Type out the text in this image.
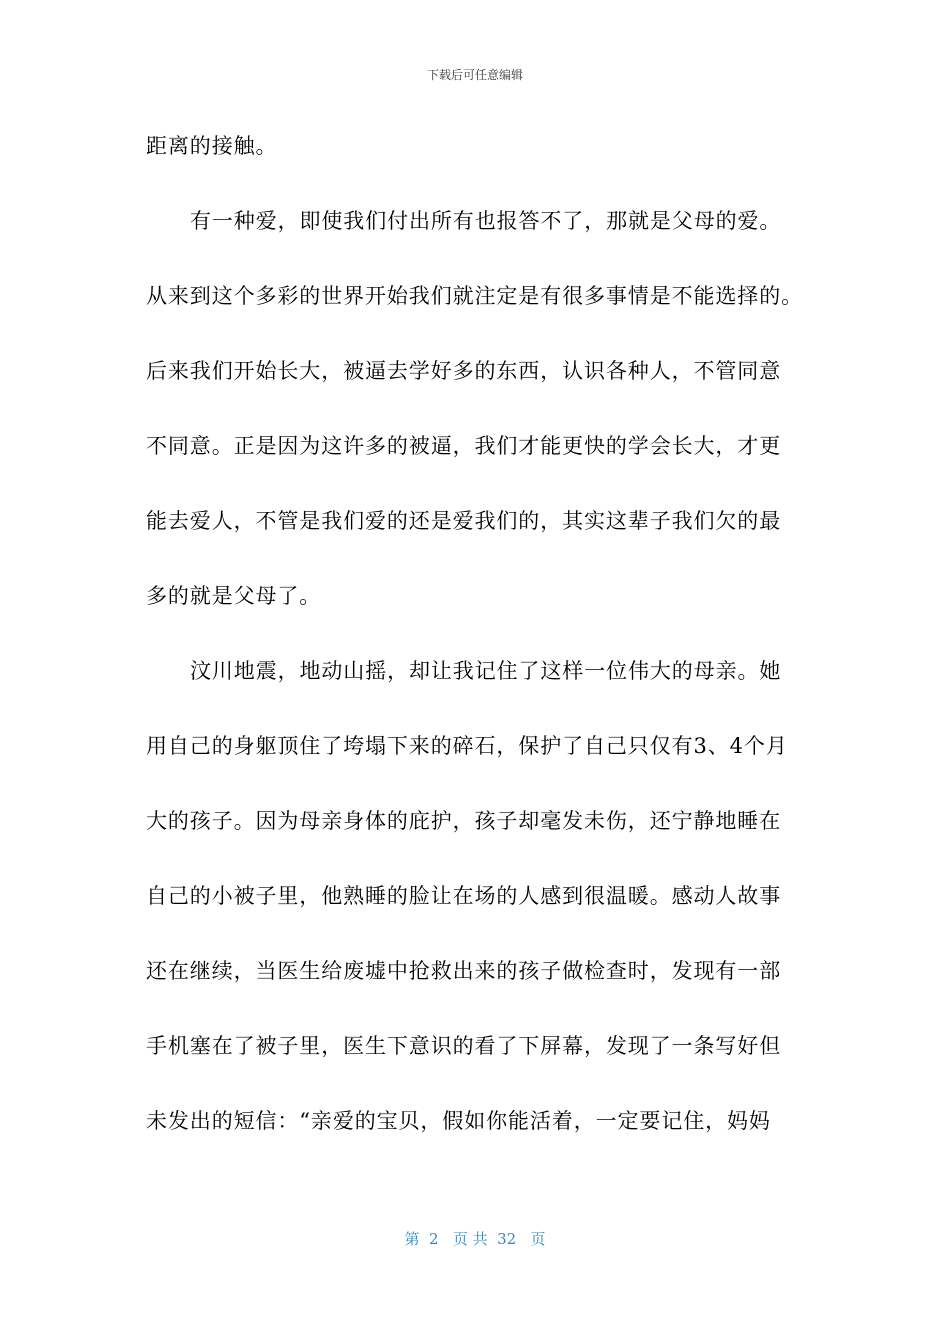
下载后可任意编辑
距离的接触。
有一种爱，即使我们付出所有也报答不了，那就是父母的爱。
从来到这个多彩的世界开始我们就注定是有很多事情是不能选择的。
后来我们开始长大，被逼去学好多的东西，认识各种人，不管同意
不同意。正是因为这许多的被逼，我们才能更快的学会长大，才更
能去爱人，不管是我们爱的还是爱我们的，其实这辈子我们欠的最
多的就是父母了。
汶川地震，地动山摇，却让我记住了这样一位伟大的母亲。她
用自己的身躯顶住了垮塌下来的碎石，保护了自己只仅有3、4个月
大的孩子。因为母亲身体的庇护，孩子却毫发未伤，还宁静地睡在
自己的小被子里，他熟睡的脸让在场的人感到很温暖。感动人故事
还在继续，当医生给废墟中抢救出来的孩子做检查时，发现有一部
手机塞在了被子里，医生下意识的看了下屏幕，发现了一条写好但
未发出的短信：“亲爱的宝贝，假如你能活着，一定要记住，妈妈
第  2   页 共  32   页
